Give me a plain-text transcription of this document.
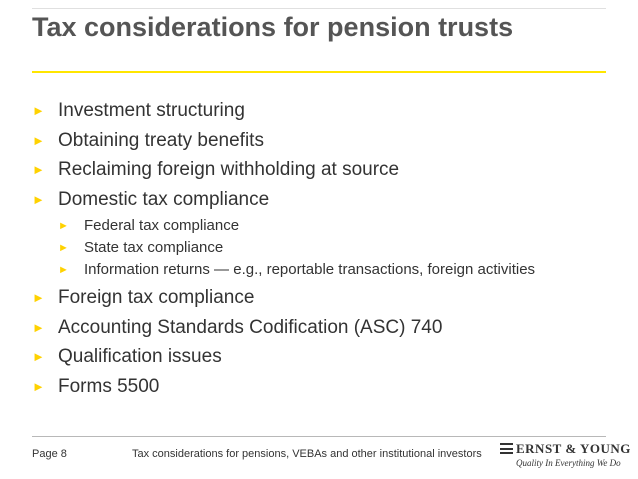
Tax considerations for pension trusts
► Investment structuring
► Obtaining treaty benefits
► Reclaiming foreign withholding at source
► Domestic tax compliance
► Federal tax compliance
► State tax compliance
► Information returns — e.g., reportable transactions, foreign activities
► Foreign tax compliance
► Accounting Standards Codification (ASC) 740
► Qualification issues
► Forms 5500
Page 8	Tax considerations for pensions, VEBAs and other institutional investors	ERNST & YOUNG
Quality In Everything We Do
